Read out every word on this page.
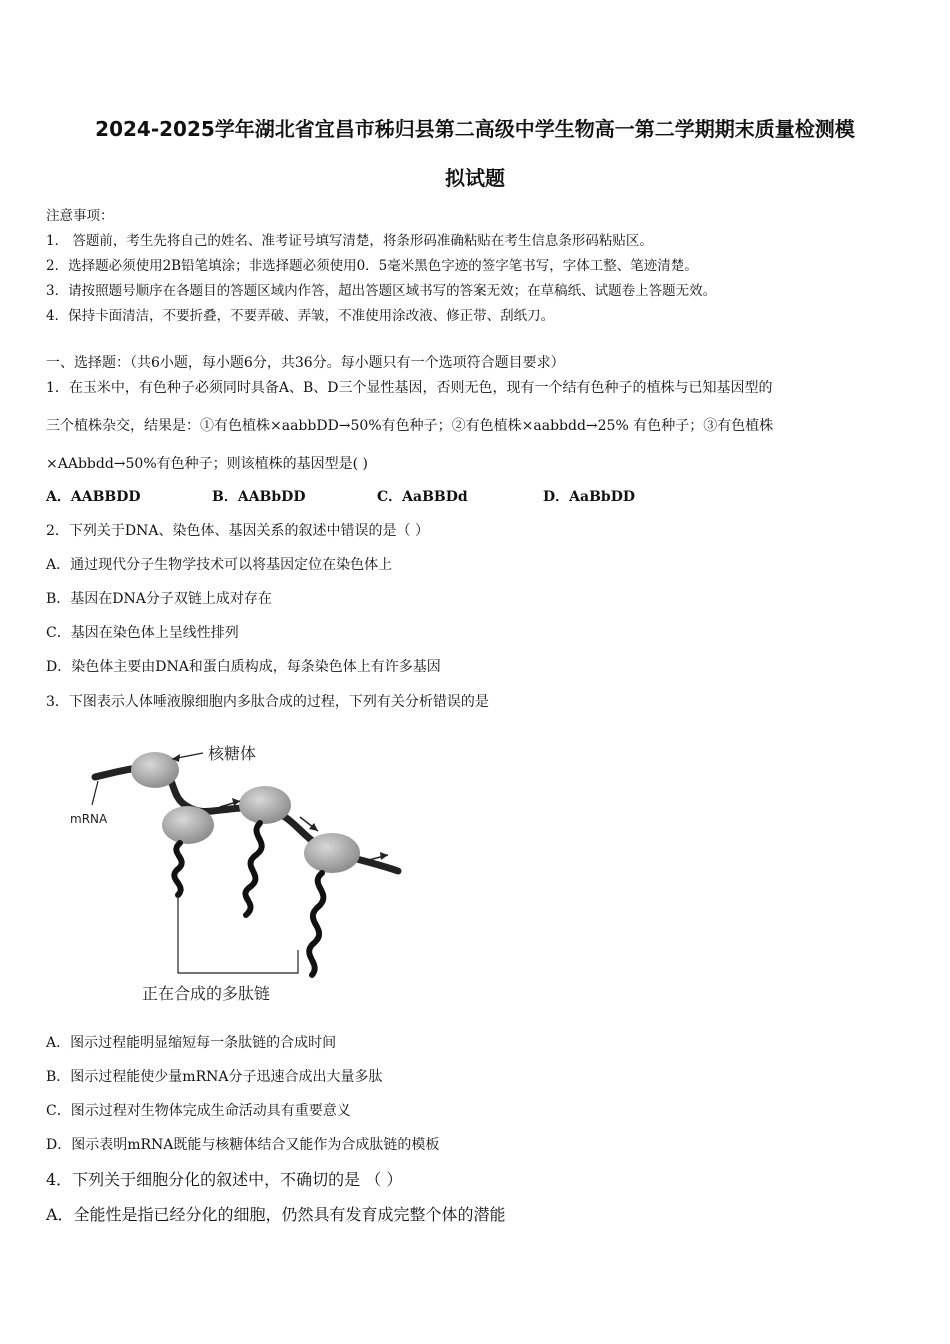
2024-2025学年湖北省宜昌市秭归县第二高级中学生物高一第二学期期末质量检测模
拟试题
注意事项：
1． 答题前，考生先将自己的姓名、准考证号填写清楚，将条形码准确粘贴在考生信息条形码粘贴区。
2．选择题必须使用2B铅笔填涂；非选择题必须使用0．5毫米黑色字迹的签字笔书写，字体工整、笔迹清楚。
3．请按照题号顺序在各题目的答题区域内作答，超出答题区域书写的答案无效；在草稿纸、试题卷上答题无效。
4．保持卡面清洁，不要折叠，不要弄破、弄皱，不准使用涂改液、修正带、刮纸刀。
一、选择题：（共6小题，每小题6分，共36分。每小题只有一个选项符合题目要求）
1．在玉米中，有色种子必须同时具备A、B、D三个显性基因，否则无色，现有一个结有色种子的植株与已知基因型的
三个植株杂交，结果是：①有色植株×aabbDD→50%有色种子；②有色植株×aabbdd→25% 有色种子；③有色植株
×AAbbdd→50%有色种子；则该植株的基因型是( )
A．AABBDD	B．AABbDD	C．AaBBDd	D．AaBbDD
2．下列关于DNA、染色体、基因关系的叙述中错误的是（ ）
A．通过现代分子生物学技术可以将基因定位在染色体上
B．基因在DNA分子双链上成对存在
C．基因在染色体上呈线性排列
D．染色体主要由DNA和蛋白质构成，每条染色体上有许多基因
3．下图表示人体唾液腺细胞内多肽合成的过程，下列有关分析错误的是
核糖体
mRNA
正在合成的多肽链
A．图示过程能明显缩短每一条肽链的合成时间
B．图示过程能使少量mRNA分子迅速合成出大量多肽
C．图示过程对生物体完成生命活动具有重要意义
D．图示表明mRNA既能与核糖体结合又能作为合成肽链的模板
4．下列关于细胞分化的叙述中，不确切的是 （ ）
A．全能性是指已经分化的细胞，仍然具有发育成完整个体的潜能
